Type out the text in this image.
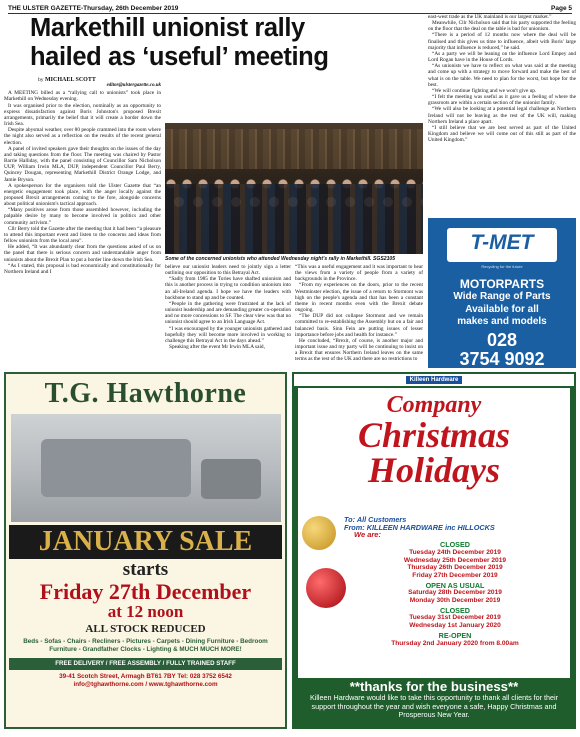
THE ULSTER GAZETTE-Thursday, 26th December 2019	Page 5
Markethill unionist rally
hailed as ‘useful’ meeting
by MICHAEL SCOTT
editor@ulstergazette.co.uk

A MEETING billed as a “rallying call to unionists” took place in Markethill on Wednesday evening.

It was organised prior to the election, nominally as an opportunity to express dissatisfaction against Boris Johnston's proposed Brexit arrangements, primarily the belief that it will create a border down the Irish Sea.

Despite abysmal weather, over 80 people crammed into the room where the night also served as a reflection on the results of the recent general election.

A panel of invited speakers gave their thoughts on the issues of the day and taking questions from the floor. The meeting was chaired by Pastor Barrie Halliday, with the panel consisting of Councillor Sam Nicholson UUP, William Irwin MLA, DUP, independent Councillor Paul Berry, Quincey Dougan, representing Markethill District Orange Lodge, and Jamie Bryson.

A spokesperson for the organisers told the Ulster Gazette that “an energetic engagement took place, with the anger locally against the proposed Brexit arrangements coming to the fore, alongside concerns about political unionism's tactical approach.

“Many positives arose from those assembled however, including the palpable desire by many to become involved in politics and other community activism.”

Cllr Berry told the Gazette after the meeting that it had been “a pleasure to attend this important event and listen to the concerns and ideas from fellow unionists from the local area”.

He added, “It was abundantly clear from the questions asked of us on the panel that there is serious concern and understandable anger from unionists about the Brexit Plan to put a border line down the Irish Sea.

“As I stated, this proposal is bad economically and constitutionally for Northern Ireland and I

Some of the concerned unionists who attended Wednesday night's rally in Markethill. SGS2105

believe our unionist leaders need to jointly sign a letter outlining our opposition to this Betrayal Act.

“Sadly from 1985 the Tories have shafted unionism and this is another process in trying to condition unionism into an all-Ireland agenda. I hope we have the leaders with backbone to stand up and be counted.

“People in the gathering were frustrated at the lack of unionist leadership and are demanding greater co-operation and no more concessions to SF. The clear view was that no unionist should agree to an Irish Language Act.

“I was encouraged by the younger unionists gathered and hopefully they will become more involved in working to challenge this Betrayal Act in the days ahead.”

Speaking after the event Mr Irwin MLA said,

“This was a useful engagement and it was important to hear the views from a variety of people from a variety of backgrounds in the Province.

“From my experiences on the doors, prior to the recent Westminster election, the issue of a return to Stormont was high on the people's agenda and that has been a constant theme in recent months even with the Brexit debate ongoing.

“The DUP did not collapse Stormont and we remain committed to re-establishing the Assembly but on a fair and balanced basis. Sinn Fein are putting issues of lesser importance before jobs and health for instance.”

He concluded, “Brexit, of course, is another major and important issue and my party will be continuing to insist on a Brexit that ensures Northern Ireland leaves on the same terms as the rest of the UK and there are no restrictions to

east-west trade as the UK mainland is our largest market.”

Meanwhile, Cllr Nicholson said that his party supported the feeling on the floor that the deal on the table is bad for unionism.

“There is a period of 12 months now where the deal will be finalised and this gives us time to influence, albeit with Boris' large majority that influence is reduced,” he said.

“As a party we will be leaning on the influence Lord Empey and Lord Rogan have in the House of Lords.

“As unionists we have to reflect on what was said at the meeting and come up with a strategy to move forward and make the best of what is on the table. We need to plan for the worst, but hope for the best.

“We will continue fighting and we won't give up.

“I felt the meeting was useful as it gave us a feeling of where the grassroots are within a certain section of the unionist family.

“We will also be looking at a potential legal challenge as Northern Ireland will not be leaving as the rest of the UK will, making Northern Ireland a place apart.

“I still believe that we are best served as part of the United Kingdom and believe we will come out of this still as part of the United Kingdom.”

T-MET
Recycling for the future
MOTORPARTS
Wide Range of Parts
Available for all
makes and models
028
3754 9092
T.G. Hawthorne
JANUARY SALE
starts
Friday 27th December
at 12 noon
ALL STOCK REDUCED
Beds - Sofas - Chairs - Recliners - Pictures - Carpets - Dining Furniture - Bedroom Furniture - Grandfather Clocks - Lighting & MUCH MUCH MORE!
FREE DELIVERY / FREE ASSEMBLY / FULLY TRAINED STAFF
39-41 Scotch Street, Armagh BT61 7BY Tel: 028 3752 6542
info@tghawthorne.com / www.tghawthorne.com
Killeen Hardware
Company
Christmas
Holidays
To: All Customers
From: KILLEEN HARDWARE inc HILLOCKS
We are:
CLOSED
Tuesday 24th December 2019
Wednesday 25th December 2019
Thursday 26th December 2019
Friday 27th December 2019
OPEN AS USUAL
Saturday 28th December 2019
Monday 30th December 2019
CLOSED
Tuesday 31st December 2019
Wednesday 1st January 2020
RE-OPEN
Thursday 2nd January 2020 from 8.00am
**thanks for the business**
Killeen Hardware would like to take this opportunity to thank all clients for their support throughout the year and wish everyone a safe, Happy Christmas and Prosperous New Year.
